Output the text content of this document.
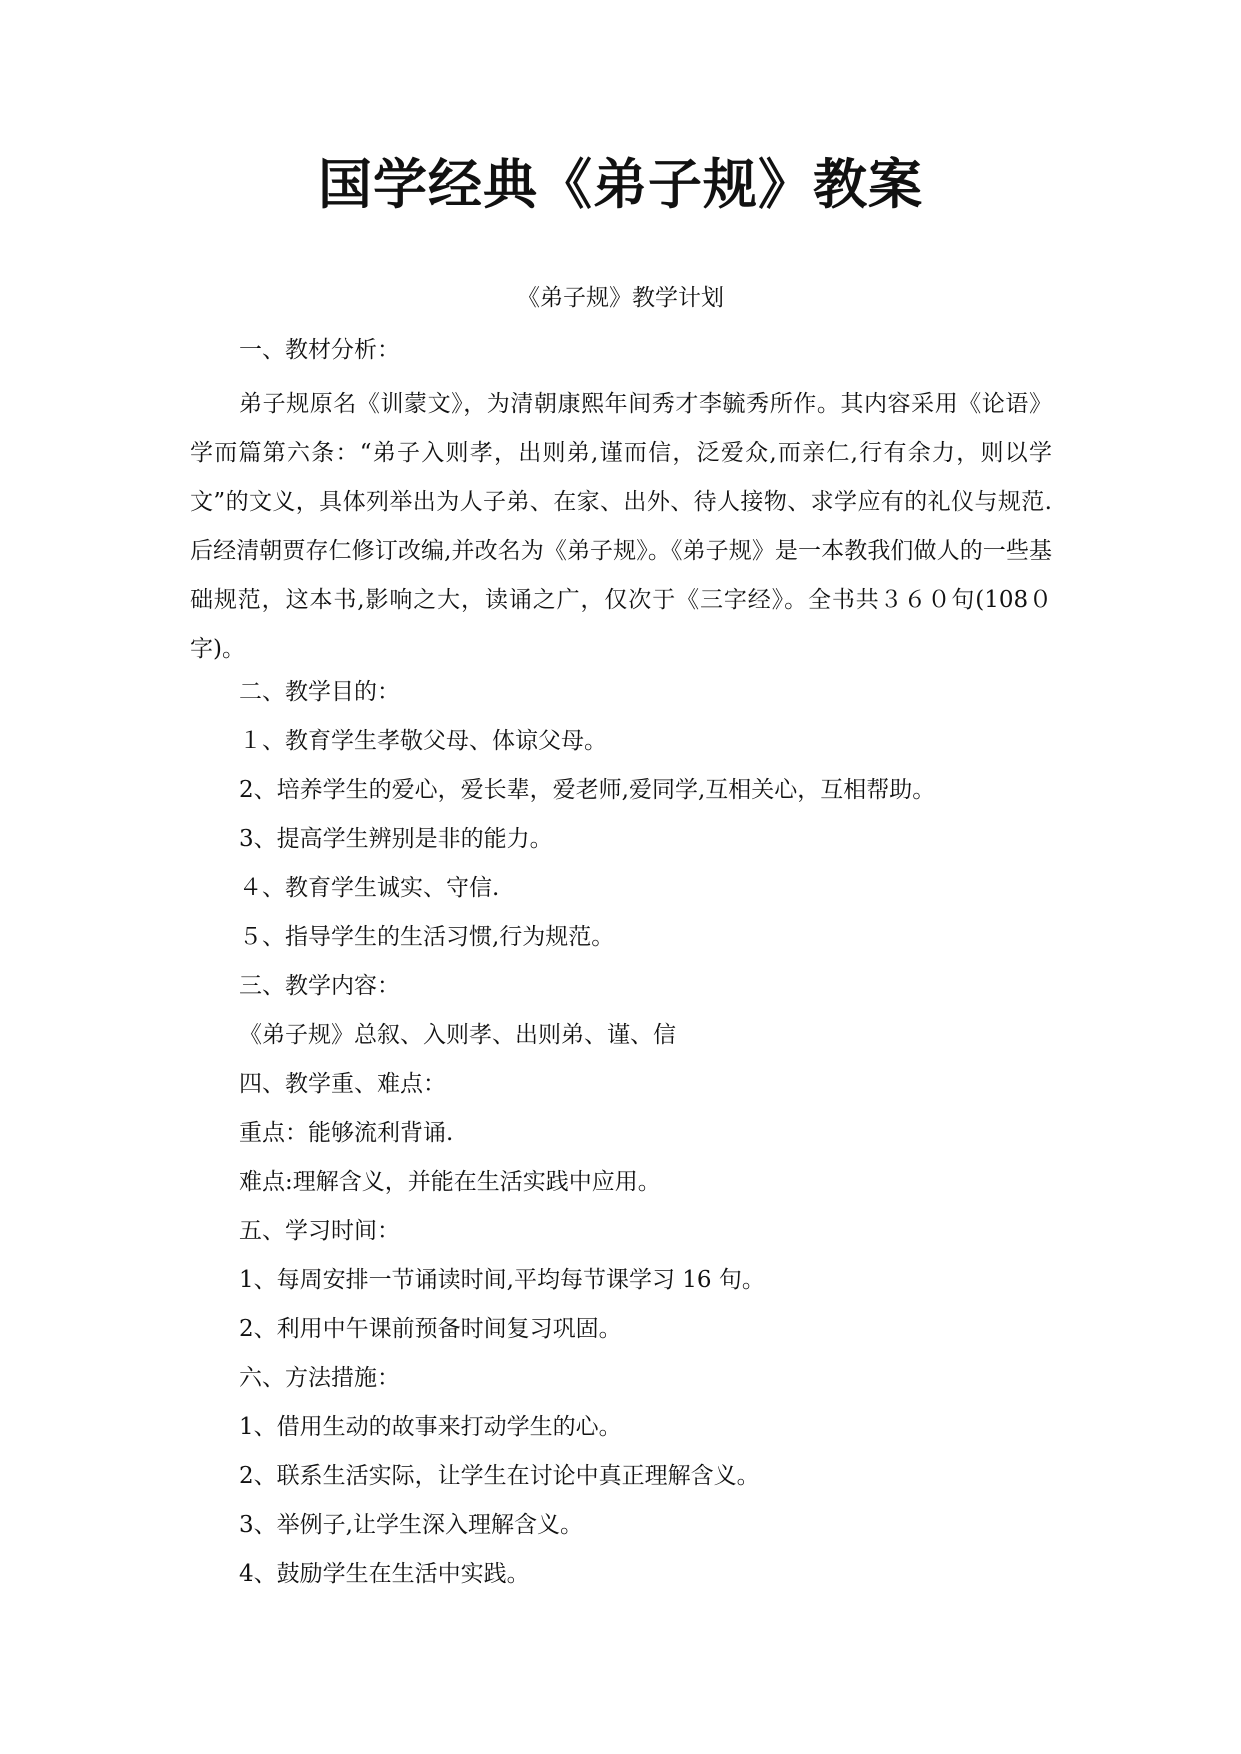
国学经典《弟子规》教案

《弟子规》教学计划

一、教材分析：

弟子规原名《训蒙文》，为清朝康熙年间秀才李毓秀所作。其内容采用《论语》学而篇第六条：“弟子入则孝，出则弟,谨而信，泛爱众,而亲仁,行有余力，则以学文”的文义，具体列举出为人子弟、在家、出外、待人接物、求学应有的礼仪与规范.后经清朝贾存仁修订改编,并改名为《弟子规》。《弟子规》是一本教我们做人的一些基础规范，这本书,影响之大，读诵之广，仅次于《三字经》。全书共３６０句(108０字)。

二、教学目的：

１、教育学生孝敬父母、体谅父母。

2、培养学生的爱心，爱长辈，爱老师,爱同学,互相关心，互相帮助。

3、提高学生辨别是非的能力。

４、教育学生诚实、守信.

５、指导学生的生活习惯,行为规范。

三、教学内容：

《弟子规》总叙、入则孝、出则弟、谨、信

四、教学重、难点：

重点：能够流利背诵.

难点:理解含义，并能在生活实践中应用。

五、学习时间：

1、每周安排一节诵读时间,平均每节课学习 16 句。

2、利用中午课前预备时间复习巩固。

六、方法措施：

1、借用生动的故事来打动学生的心。

2、联系生活实际，让学生在讨论中真正理解含义。

3、举例子,让学生深入理解含义。

4、鼓励学生在生活中实践。
